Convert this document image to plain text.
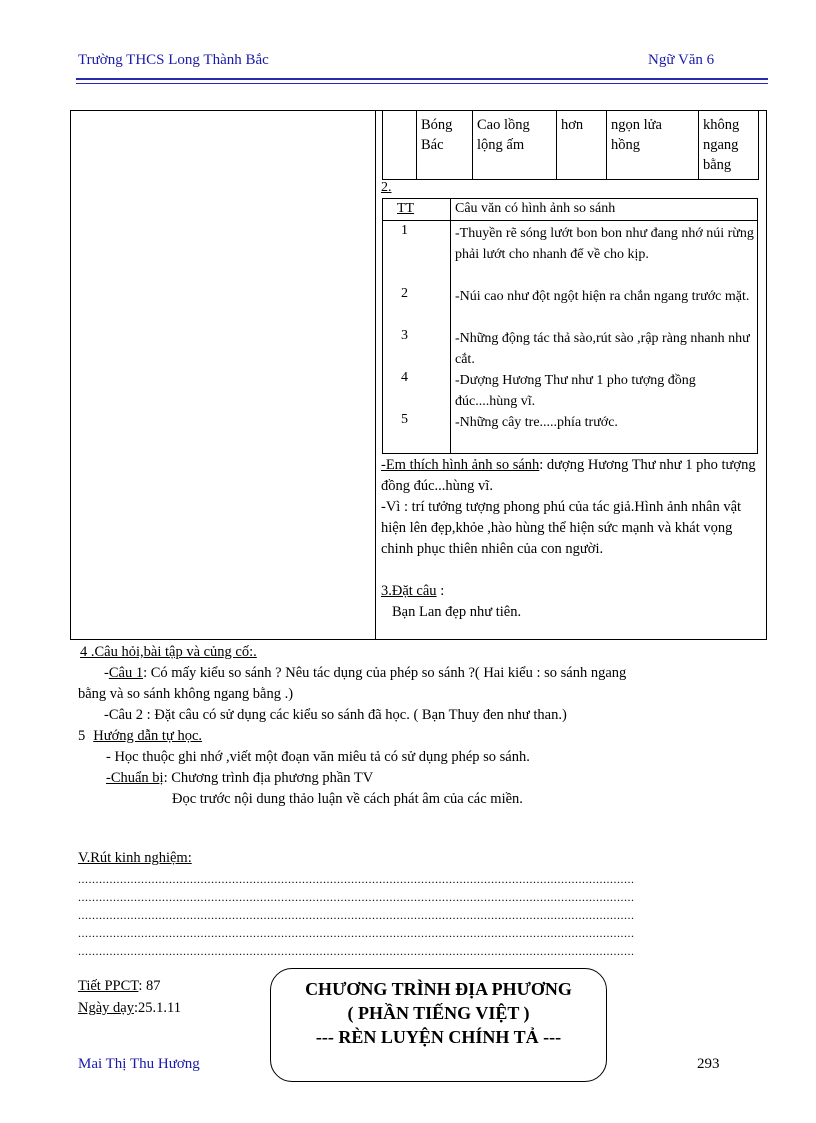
Trường THCS Long Thành Bắc	Ngữ Văn 6
	Bóng Bác	Cao lồng lộng ấm	hơn	ngọn lửa hồng	không ngang bằng
2.
TT	Câu văn có hình ảnh so sánh
1	-Thuyền rẽ sóng lướt bon bon như đang nhớ núi rừng phải lướt cho nhanh để về cho kịp.
2	-Núi cao như đột ngột hiện ra chắn ngang trước mặt.
3	-Những động tác thả sào,rút sào ,rập ràng nhanh như cắt.
4	-Dượng Hương Thư như 1 pho tượng đồng đúc....hùng vĩ.
5	-Những cây tre.....phía trước.
-Em thích hình ảnh so sánh: dượng Hương Thư như 1 pho tượng đồng đúc...hùng vĩ.
-Vì : trí tưởng tượng phong phú của tác giả.Hình ảnh nhân vật hiện lên đẹp,khỏe ,hào hùng thể hiện sức mạnh và khát vọng chinh phục thiên nhiên của con người.
3.Đặt câu :
Bạn Lan đẹp như tiên.
4 .Câu hỏi,bài tập và củng cố:.
-Câu 1: Có mấy kiểu so sánh ? Nêu tác dụng của phép so sánh ?( Hai kiểu : so sánh ngang
bằng và so sánh không ngang bằng .)
-Câu 2 : Đặt câu có sử dụng các kiểu so sánh đã học. ( Bạn Thuy đen như than.)
5 Hướng dẫn tự học.
- Học thuộc ghi nhớ ,viết một đoạn văn miêu tả có sử dụng phép so sánh.
-Chuẩn bị: Chương trình địa phương phần TV
Đọc trước nội dung thảo luận về cách phát âm của các miền.
V.Rút kinh nghiệm:
...............................................................................................................................................................
...............................................................................................................................................................
...............................................................................................................................................................
...............................................................................................................................................................
...............................................................................................................................................................
Tiết PPCT: 87
Ngày dạy:25.1.11
CHƯƠNG TRÌNH ĐỊA PHƯƠNG
( PHẦN TIẾNG VIỆT )
--- RÈN LUYỆN CHÍNH TẢ ---
Mai Thị Thu Hương	293
